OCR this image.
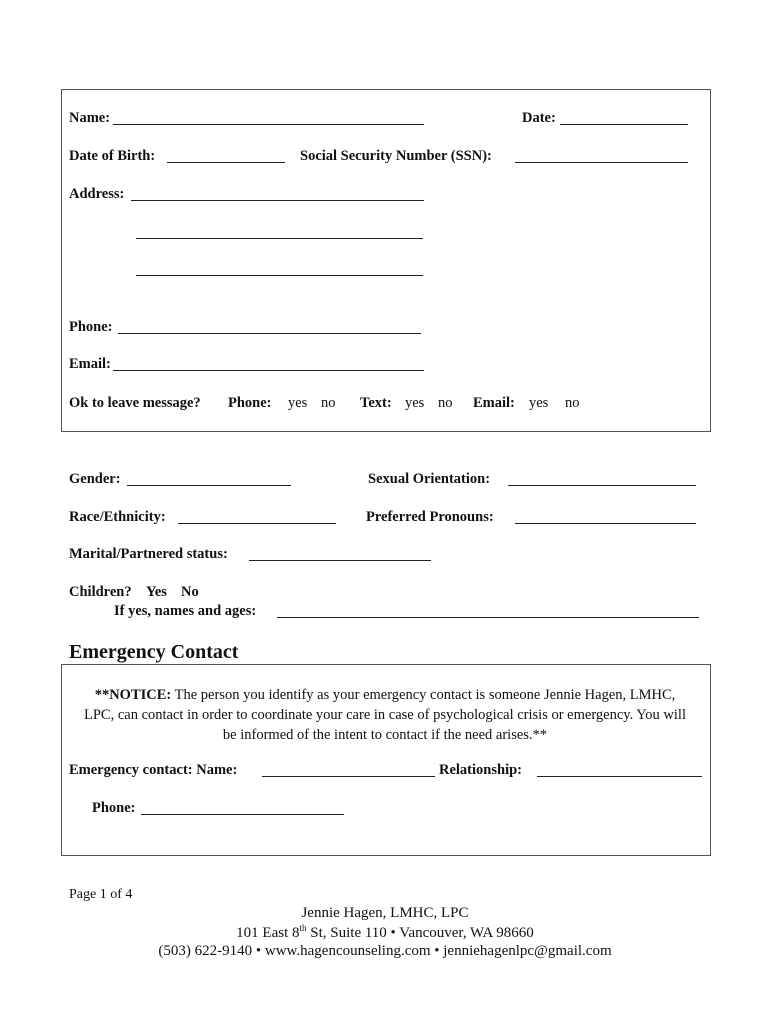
Name:	Date:
Date of Birth:	Social Security Number (SSN):
Address:
Phone:
Email:
Ok to leave message? Phone: yes no Text: yes no Email: yes no
Gender:	Sexual Orientation:
Race/Ethnicity:	Preferred Pronouns:
Marital/Partnered status:
Children? Yes No
If yes, names and ages:
Emergency Contact
**NOTICE: The person you identify as your emergency contact is someone Jennie Hagen, LMHC, LPC, can contact in order to coordinate your care in case of psychological crisis or emergency. You will be informed of the intent to contact if the need arises.**
Emergency contact: Name:	Relationship:
Phone:
Page 1 of 4
Jennie Hagen, LMHC, LPC
101 East 8th St, Suite 110 • Vancouver, WA 98660
(503) 622-9140 • www.hagencounseling.com • jenniehagenlpc@gmail.com
